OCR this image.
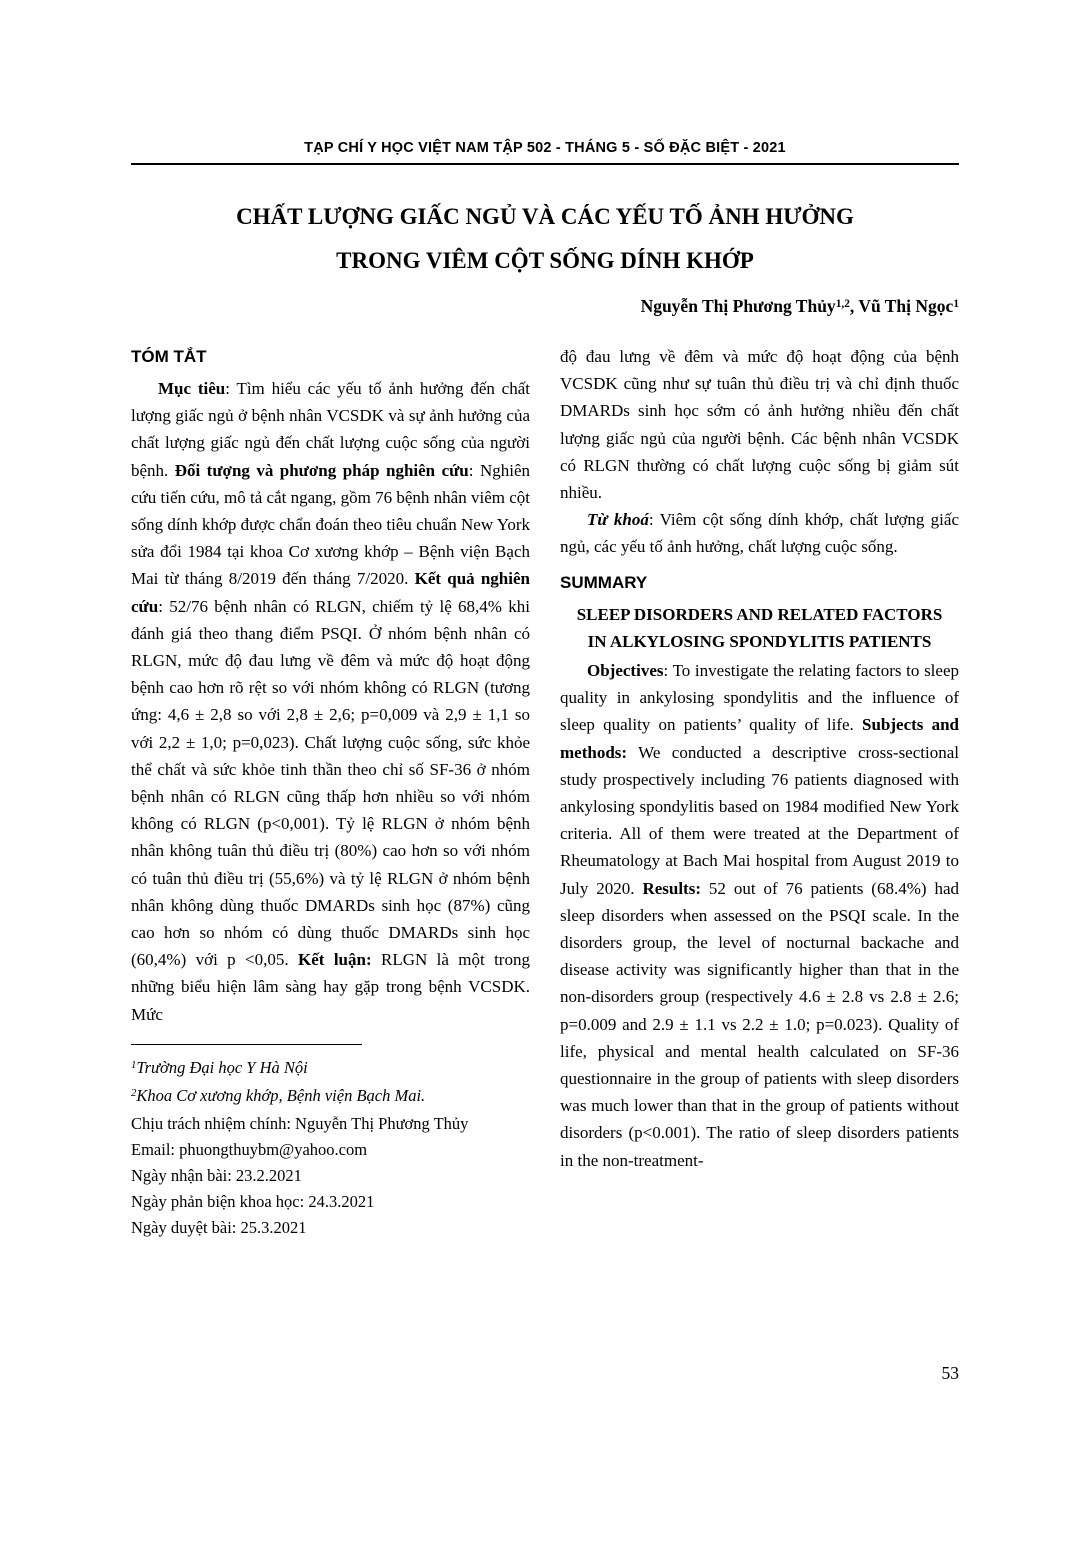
TẠP CHÍ Y HỌC VIỆT NAM TẬP 502 - THÁNG 5 - SỐ ĐẶC BIỆT - 2021
CHẤT LƯỢNG GIẤC NGỦ VÀ CÁC YẾU TỐ ẢNH HƯỞNG
TRONG VIÊM CỘT SỐNG DÍNH KHỚP
Nguyễn Thị Phương Thủy$^{1,2}$, Vũ Thị Ngọc$^1$
TÓM TẮT

Mục tiêu: Tìm hiểu các yếu tố ảnh hưởng đến chất lượng giấc ngủ ở bệnh nhân VCSDK và sự ảnh hưởng của chất lượng giấc ngủ đến chất lượng cuộc sống của người bệnh. Đối tượng và phương pháp nghiên cứu: Nghiên cứu tiến cứu, mô tả cắt ngang, gồm 76 bệnh nhân viêm cột sống dính khớp được chẩn đoán theo tiêu chuẩn New York sửa đổi 1984 tại khoa Cơ xương khớp – Bệnh viện Bạch Mai từ tháng 8/2019 đến tháng 7/2020. Kết quả nghiên cứu: 52/76 bệnh nhân có RLGN, chiếm tỷ lệ 68,4% khi đánh giá theo thang điểm PSQI. Ở nhóm bệnh nhân có RLGN, mức độ đau lưng về đêm và mức độ hoạt động bệnh cao hơn rõ rệt so với nhóm không có RLGN (tương ứng: 4,6 ± 2,8 so với 2,8 ± 2,6; p=0,009 và 2,9 ± 1,1 so với 2,2 ± 1,0; p=0,023). Chất lượng cuộc sống, sức khỏe thể chất và sức khỏe tinh thần theo chỉ số SF-36 ở nhóm bệnh nhân có RLGN cũng thấp hơn nhiều so với nhóm không có RLGN (p<0,001). Tỷ lệ RLGN ở nhóm bệnh nhân không tuân thủ điều trị (80%) cao hơn so với nhóm có tuân thủ điều trị (55,6%) và tỷ lệ RLGN ở nhóm bệnh nhân không dùng thuốc DMARDs sinh học (87%) cũng cao hơn so nhóm có dùng thuốc DMARDs sinh học (60,4%) với p <0,05. Kết luận: RLGN là một trong những biểu hiện lâm sàng hay gặp trong bệnh VCSDK. Mức

$^1$Trường Đại học Y Hà Nội
$^2$Khoa Cơ xương khớp, Bệnh viện Bạch Mai.
Chịu trách nhiệm chính: Nguyễn Thị Phương Thủy
Email: phuongthuybm@yahoo.com
Ngày nhận bài: 23.2.2021
Ngày phản biện khoa học: 24.3.2021
Ngày duyệt bài: 25.3.2021

độ đau lưng về đêm và mức độ hoạt động của bệnh VCSDK cũng như sự tuân thủ điều trị và chỉ định thuốc DMARDs sinh học sớm có ảnh hưởng nhiều đến chất lượng giấc ngủ của người bệnh. Các bệnh nhân VCSDK có RLGN thường có chất lượng cuộc sống bị giảm sút nhiều.

Từ khoá: Viêm cột sống dính khớp, chất lượng giấc ngủ, các yếu tố ảnh hưởng, chất lượng cuộc sống.

SUMMARY
SLEEP DISORDERS AND RELATED FACTORS IN ALKYLOSING SPONDYLITIS PATIENTS

Objectives: To investigate the relating factors to sleep quality in ankylosing spondylitis and the influence of sleep quality on patients’ quality of life. Subjects and methods: We conducted a descriptive cross-sectional study prospectively including 76 patients diagnosed with ankylosing spondylitis based on 1984 modified New York criteria. All of them were treated at the Department of Rheumatology at Bach Mai hospital from August 2019 to July 2020. Results: 52 out of 76 patients (68.4%) had sleep disorders when assessed on the PSQI scale. In the disorders group, the level of nocturnal backache and disease activity was significantly higher than that in the non-disorders group (respectively 4.6 ± 2.8 vs 2.8 ± 2.6; p=0.009 and 2.9 ± 1.1 vs 2.2 ± 1.0; p=0.023). Quality of life, physical and mental health calculated on SF-36 questionnaire in the group of patients with sleep disorders was much lower than that in the group of patients without disorders (p<0.001). The ratio of sleep disorders patients in the non-treatment-

53
